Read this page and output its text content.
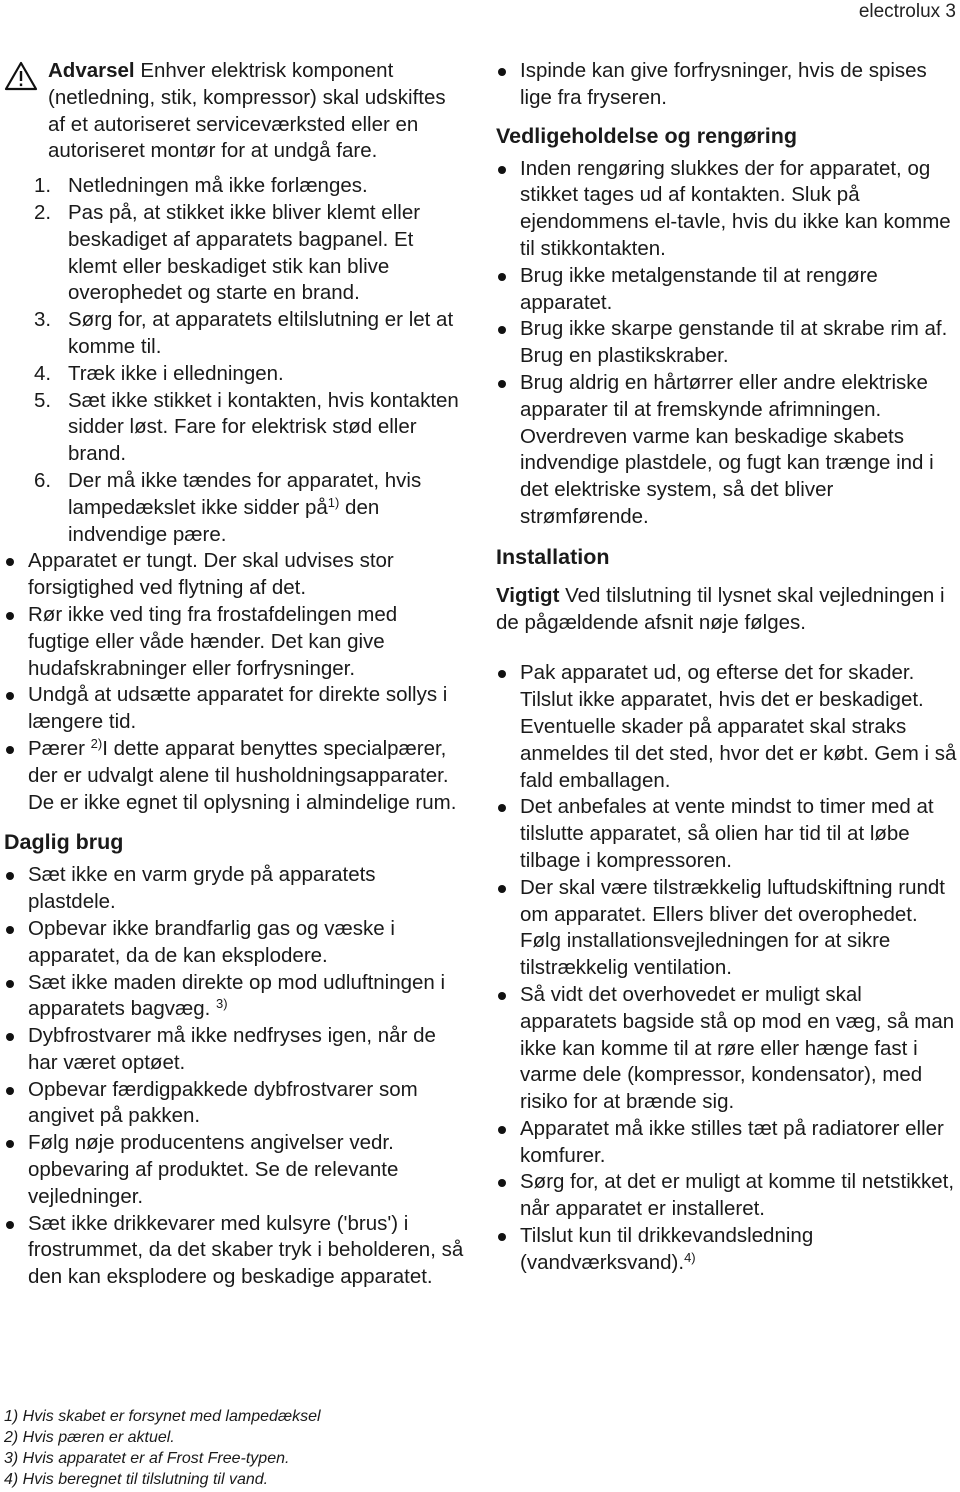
electrolux 3
Advarsel Enhver elektrisk komponent (netledning, stik, kompressor) skal udskiftes af et autoriseret serviceværksted eller en autoriseret montør for at undgå fare.
1. Netledningen må ikke forlænges.
2. Pas på, at stikket ikke bliver klemt eller beskadiget af apparatets bagpanel. Et klemt eller beskadiget stik kan blive overophedet og starte en brand.
3. Sørg for, at apparatets eltilslutning er let at komme til.
4. Træk ikke i elledningen.
5. Sæt ikke stikket i kontakten, hvis kontakten sidder løst. Fare for elektrisk stød eller brand.
6. Der må ikke tændes for apparatet, hvis lampedækslet ikke sidder $på^{1)}$ den indvendige pære.
Apparatet er tungt. Der skal udvises stor forsigtighed ved flytning af det.
Rør ikke ved ting fra frostafdelingen med fugtige eller våde hænder. Det kan give hudafskrabninger eller forfrysninger.
Undgå at udsætte apparatet for direkte sollys i længere tid.
Pærer $^{2)}$I dette apparat benyttes specialpærer, der er udvalgt alene til husholdningsapparater. De er ikke egnet til oplysning i almindelige rum.
Daglig brug
Sæt ikke en varm gryde på apparatets plastdele.
Opbevar ikke brandfarlig gas og væske i apparatet, da de kan eksplodere.
Sæt ikke maden direkte op mod udluftningen i apparatets bagvæg. $^{3)}$
Dybfrostvarer må ikke nedfryses igen, når de har været optøet.
Opbevar færdigpakkede dybfrostvarer som angivet på pakken.
Følg nøje producentens angivelser vedr. opbevaring af produktet. Se de relevante vejledninger.
Sæt ikke drikkevarer med kulsyre ('brus') i frostrummet, da det skaber tryk i beholderen, så den kan eksplodere og beskadige apparatet.
Ispinde kan give forfrysninger, hvis de spises lige fra fryseren.
Vedligeholdelse og rengøring
Inden rengøring slukkes der for apparatet, og stikket tages ud af kontakten. Sluk på ejendommens el-tavle, hvis du ikke kan komme til stikkontakten.
Brug ikke metalgenstande til at rengøre apparatet.
Brug ikke skarpe genstande til at skrabe rim af. Brug en plastikskraber.
Brug aldrig en hårtørrer eller andre elektriske apparater til at fremskynde afrimningen. Overdreven varme kan beskadige skabets indvendige plastdele, og fugt kan trænge ind i det elektriske system, så det bliver strømførende.
Installation
Vigtigt Ved tilslutning til lysnet skal vejledningen i de pågældende afsnit nøje følges.
Pak apparatet ud, og efterse det for skader. Tilslut ikke apparatet, hvis det er beskadiget. Eventuelle skader på apparatet skal straks anmeldes til det sted, hvor det er købt. Gem i så fald emballagen.
Det anbefales at vente mindst to timer med at tilslutte apparatet, så olien har tid til at løbe tilbage i kompressoren.
Der skal være tilstrækkelig luftudskiftning rundt om apparatet. Ellers bliver det overophedet. Følg installationsvejledningen for at sikre tilstrækkelig ventilation.
Så vidt det overhovedet er muligt skal apparatets bagside stå op mod en væg, så man ikke kan komme til at røre eller hænge fast i varme dele (kompressor, kondensator), med risiko for at brænde sig.
Apparatet må ikke stilles tæt på radiatorer eller komfurer.
Sørg for, at det er muligt at komme til netstikket, når apparatet er installeret.
Tilslut kun til drikkevandsledning (vandværksvand).$^{4)}$
1) Hvis skabet er forsynet med lampedæksel
2) Hvis pæren er aktuel.
3) Hvis apparatet er af Frost Free-typen.
4) Hvis beregnet til tilslutning til vand.
